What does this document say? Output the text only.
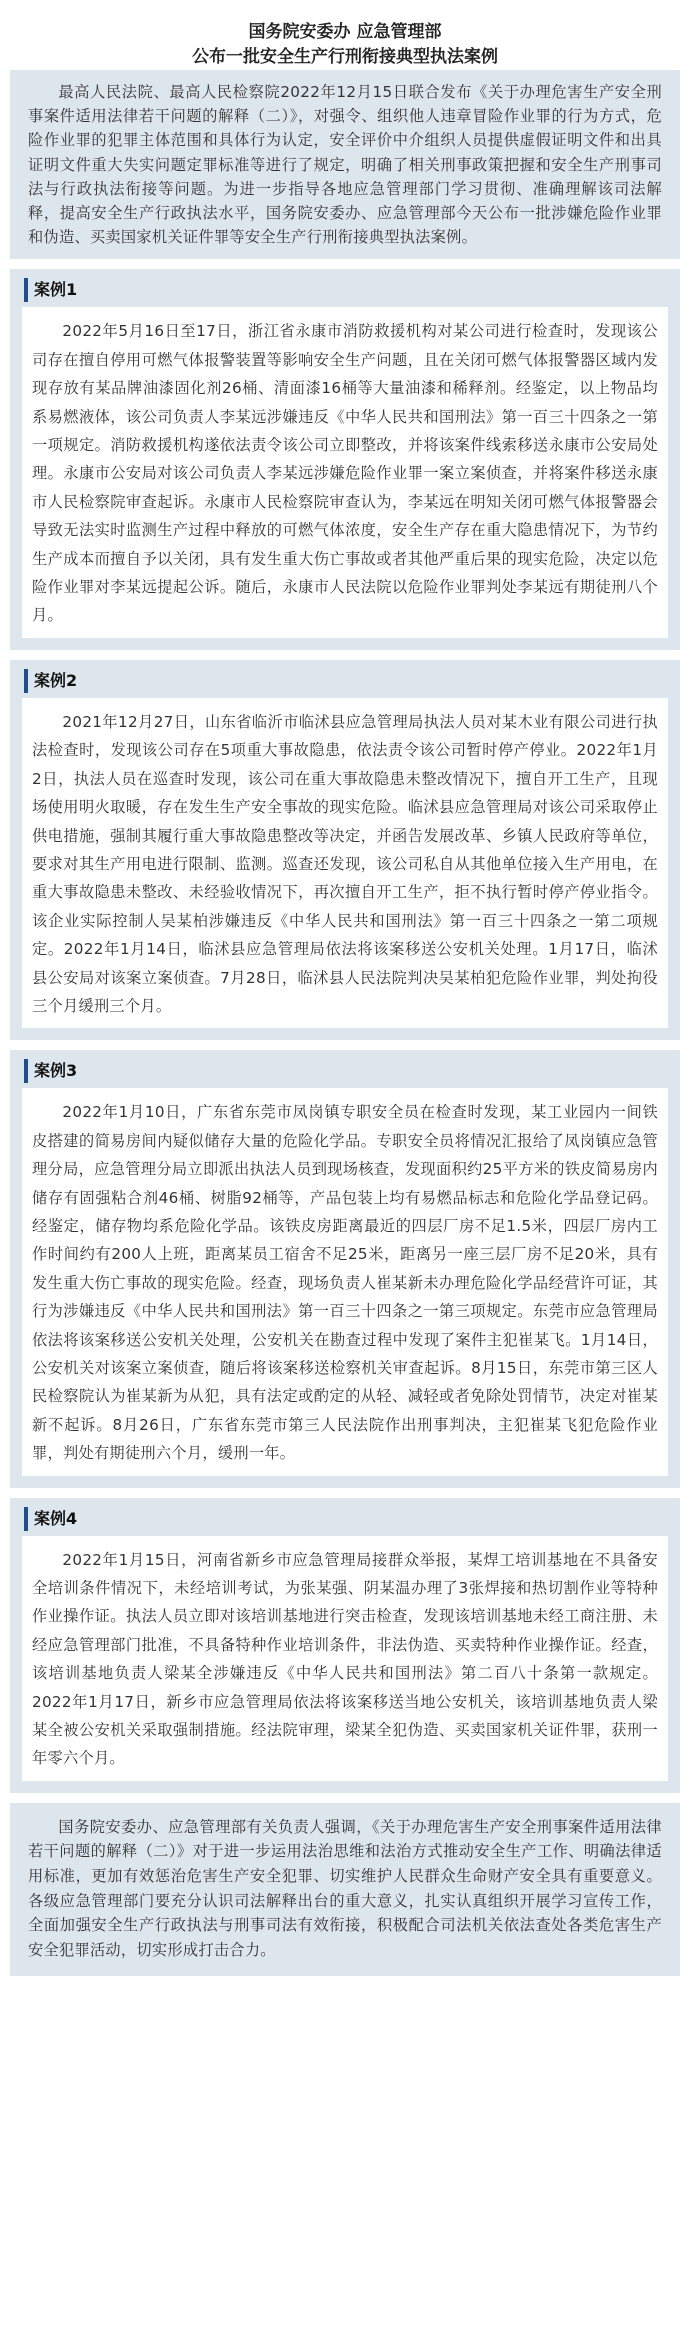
国务院安委办 应急管理部
公布一批安全生产行刑衔接典型执法案例

最高人民法院、最高人民检察院2022年12月15日联合发布《关于办理危害生产安全刑事案件适用法律若干问题的解释（二）》，对强令、组织他人违章冒险作业罪的行为方式，危险作业罪的犯罪主体范围和具体行为认定，安全评价中介组织人员提供虚假证明文件和出具证明文件重大失实问题定罪标准等进行了规定，明确了相关刑事政策把握和安全生产刑事司法与行政执法衔接等问题。为进一步指导各地应急管理部门学习贯彻、准确理解该司法解释，提高安全生产行政执法水平，国务院安委办、应急管理部今天公布一批涉嫌危险作业罪和伪造、买卖国家机关证件罪等安全生产行刑衔接典型执法案例。

案例1

2022年5月16日至17日，浙江省永康市消防救援机构对某公司进行检查时，发现该公司存在擅自停用可燃气体报警装置等影响安全生产问题，且在关闭可燃气体报警器区域内发现存放有某品牌油漆固化剂26桶、清面漆16桶等大量油漆和稀释剂。经鉴定，以上物品均系易燃液体，该公司负责人李某远涉嫌违反《中华人民共和国刑法》第一百三十四条之一第一项规定。消防救援机构遂依法责令该公司立即整改，并将该案件线索移送永康市公安局处理。永康市公安局对该公司负责人李某远涉嫌危险作业罪一案立案侦查，并将案件移送永康市人民检察院审查起诉。永康市人民检察院审查认为，李某远在明知关闭可燃气体报警器会导致无法实时监测生产过程中释放的可燃气体浓度，安全生产存在重大隐患情况下，为节约生产成本而擅自予以关闭，具有发生重大伤亡事故或者其他严重后果的现实危险，决定以危险作业罪对李某远提起公诉。随后，永康市人民法院以危险作业罪判处李某远有期徒刑八个月。

案例2

2021年12月27日，山东省临沂市临沭县应急管理局执法人员对某木业有限公司进行执法检查时，发现该公司存在5项重大事故隐患，依法责令该公司暂时停产停业。2022年1月2日，执法人员在巡查时发现，该公司在重大事故隐患未整改情况下，擅自开工生产，且现场使用明火取暖，存在发生生产安全事故的现实危险。临沭县应急管理局对该公司采取停止供电措施，强制其履行重大事故隐患整改等决定，并函告发展改革、乡镇人民政府等单位，要求对其生产用电进行限制、监测。巡查还发现，该公司私自从其他单位接入生产用电，在重大事故隐患未整改、未经验收情况下，再次擅自开工生产，拒不执行暂时停产停业指令。该企业实际控制人吴某柏涉嫌违反《中华人民共和国刑法》第一百三十四条之一第二项规定。2022年1月14日，临沭县应急管理局依法将该案移送公安机关处理。1月17日，临沭县公安局对该案立案侦查。7月28日，临沭县人民法院判决吴某柏犯危险作业罪，判处拘役三个月缓刑三个月。

案例3

2022年1月10日，广东省东莞市凤岗镇专职安全员在检查时发现，某工业园内一间铁皮搭建的简易房间内疑似储存大量的危险化学品。专职安全员将情况汇报给了凤岗镇应急管理分局，应急管理分局立即派出执法人员到现场核查，发现面积约25平方米的铁皮简易房内储存有固强粘合剂46桶、树脂92桶等，产品包装上均有易燃品标志和危险化学品登记码。经鉴定，储存物均系危险化学品。该铁皮房距离最近的四层厂房不足1.5米，四层厂房内工作时间约有200人上班，距离某员工宿舍不足25米，距离另一座三层厂房不足20米，具有发生重大伤亡事故的现实危险。经查，现场负责人崔某新未办理危险化学品经营许可证，其行为涉嫌违反《中华人民共和国刑法》第一百三十四条之一第三项规定。东莞市应急管理局依法将该案移送公安机关处理，公安机关在勘查过程中发现了案件主犯崔某飞。1月14日，公安机关对该案立案侦查，随后将该案移送检察机关审查起诉。8月15日，东莞市第三区人民检察院认为崔某新为从犯，具有法定或酌定的从轻、减轻或者免除处罚情节，决定对崔某新不起诉。8月26日，广东省东莞市第三人民法院作出刑事判决，主犯崔某飞犯危险作业罪，判处有期徒刑六个月，缓刑一年。

案例4

2022年1月15日，河南省新乡市应急管理局接群众举报，某焊工培训基地在不具备安全培训条件情况下，未经培训考试，为张某强、阴某温办理了3张焊接和热切割作业等特种作业操作证。执法人员立即对该培训基地进行突击检查，发现该培训基地未经工商注册、未经应急管理部门批准，不具备特种作业培训条件，非法伪造、买卖特种作业操作证。经查，该培训基地负责人梁某全涉嫌违反《中华人民共和国刑法》第二百八十条第一款规定。2022年1月17日，新乡市应急管理局依法将该案移送当地公安机关，该培训基地负责人梁某全被公安机关采取强制措施。经法院审理，梁某全犯伪造、买卖国家机关证件罪，获刑一年零六个月。

国务院安委办、应急管理部有关负责人强调，《关于办理危害生产安全刑事案件适用法律若干问题的解释（二）》对于进一步运用法治思维和法治方式推动安全生产工作、明确法律适用标准，更加有效惩治危害生产安全犯罪、切实维护人民群众生命财产安全具有重要意义。各级应急管理部门要充分认识司法解释出台的重大意义，扎实认真组织开展学习宣传工作，全面加强安全生产行政执法与刑事司法有效衔接，积极配合司法机关依法查处各类危害生产安全犯罪活动，切实形成打击合力。
